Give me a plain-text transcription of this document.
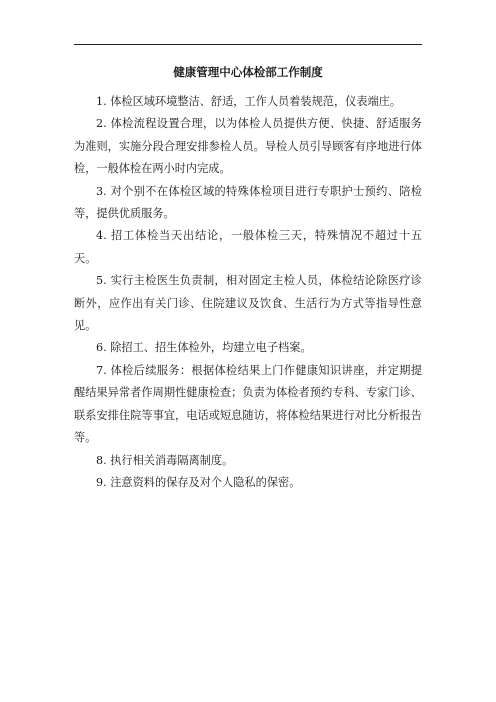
健康管理中心体检部工作制度

1. 体检区域环境整洁、舒适，工作人员着装规范，仪表端庄。

2. 体检流程设置合理，以为体检人员提供方便、快捷、舒适服务为准则，实施分段合理安排参检人员。导检人员引导顾客有序地进行体检，一般体检在两小时内完成。

3. 对个别不在体检区域的特殊体检项目进行专职护士预约、陪检等，提供优质服务。

4. 招工体检当天出结论，一般体检三天，特殊情况不超过十五天。

5. 实行主检医生负责制，相对固定主检人员，体检结论除医疗诊断外，应作出有关门诊、住院建议及饮食、生活行为方式等指导性意见。

6. 除招工、招生体检外，均建立电子档案。

7. 体检后续服务：根据体检结果上门作健康知识讲座，并定期提醒结果异常者作周期性健康检查；负责为体检者预约专科、专家门诊、联系安排住院等事宜，电话或短息随访，将体检结果进行对比分析报告等。

8. 执行相关消毒隔离制度。

9. 注意资料的保存及对个人隐私的保密。
